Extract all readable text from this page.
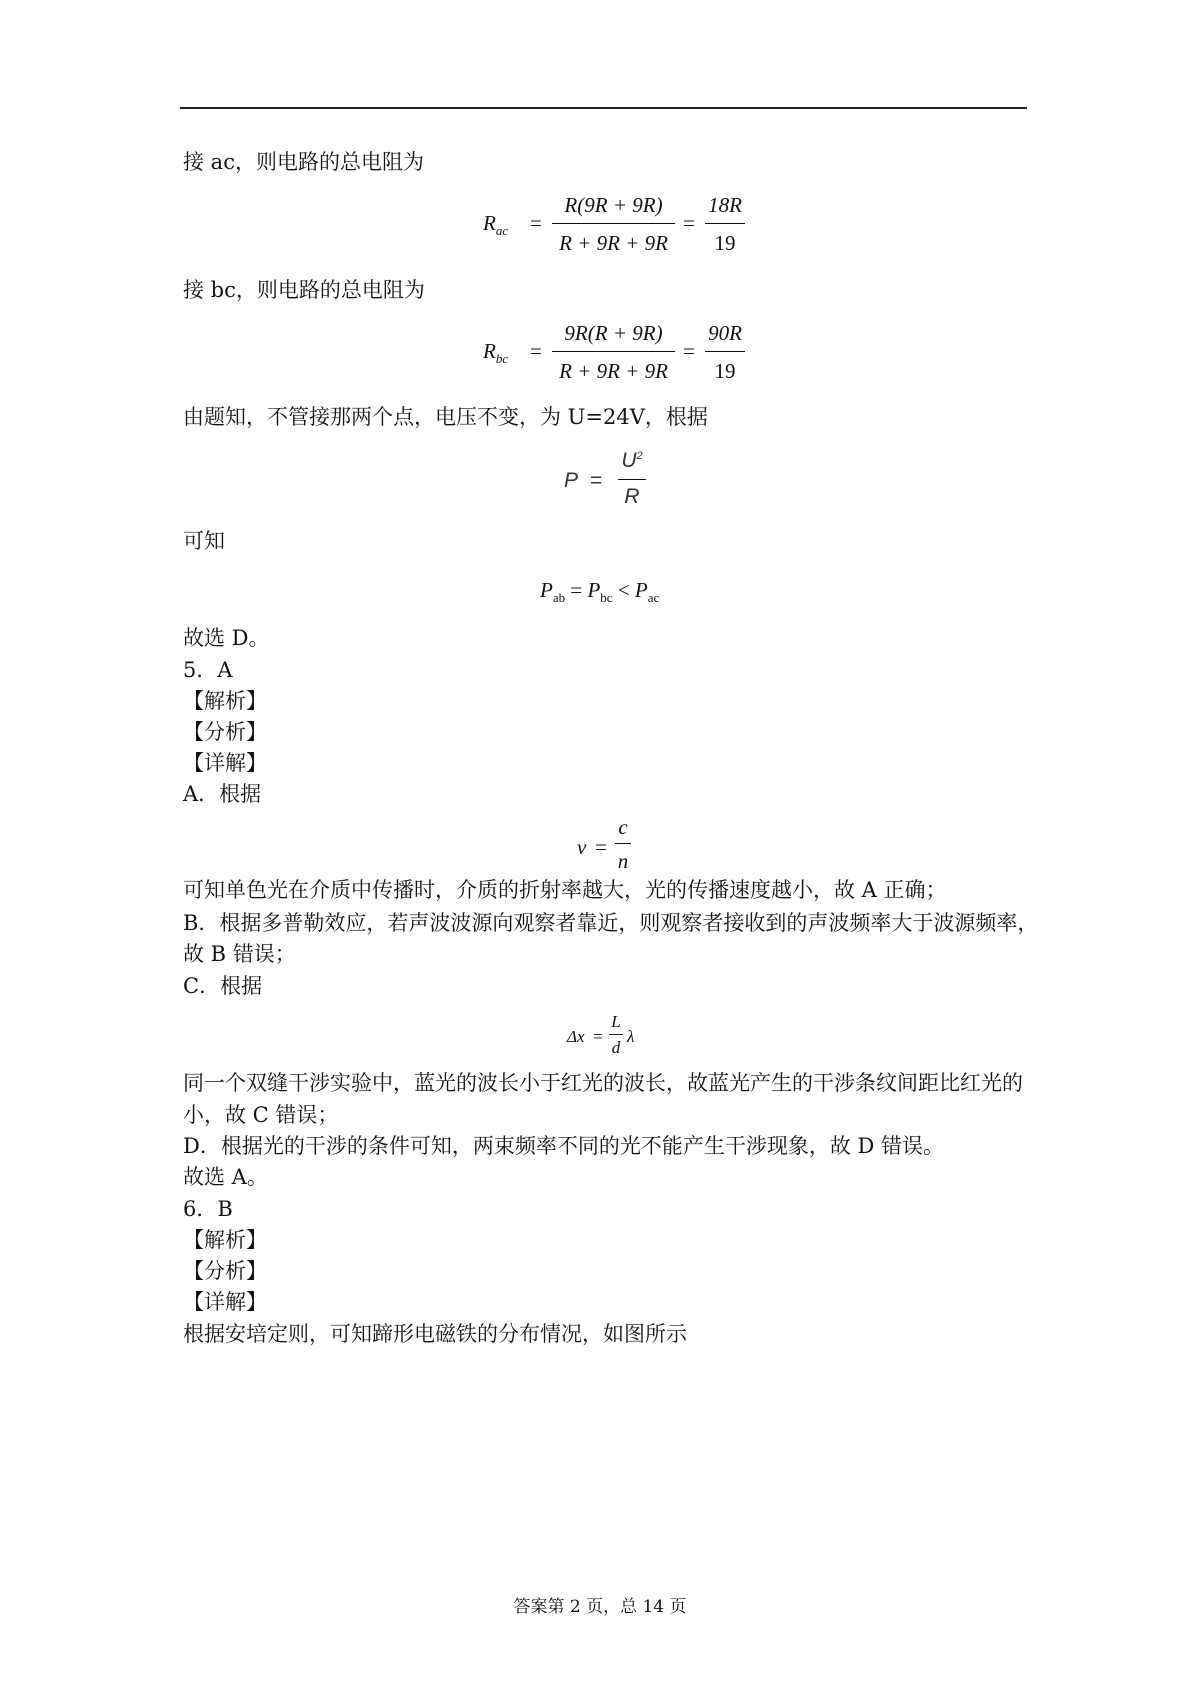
接 ac，则电路的总电阻为
$R_{ac}$ =
R(9R + 9R)
R + 9R + 9R
=
18R
19
接 bc，则电路的总电阻为
$R_{bc}$ =
9R(R + 9R)
R + 9R + 9R
=
90R
19
由题知，不管接那两个点，电压不变，为 U=24V，根据
P =
$U^2$
R
可知
$P_{ab} = P_{bc} < P_{ac}$
故选 D。
5．A
【解析】
【分析】
【详解】
A．根据
v =
c
n
可知单色光在介质中传播时，介质的折射率越大，光的传播速度越小，故 A 正确；
B．根据多普勒效应，若声波波源向观察者靠近，则观察者接收到的声波频率大于波源频率，
故 B 错误；
C．根据
Δx =
L
d
λ
同一个双缝干涉实验中，蓝光的波长小于红光的波长，故蓝光产生的干涉条纹间距比红光的
小，故 C 错误；
D．根据光的干涉的条件可知，两束频率不同的光不能产生干涉现象，故 D 错误。
故选 A。
6．B
【解析】
【分析】
【详解】
根据安培定则，可知蹄形电磁铁的分布情况，如图所示
答案第 2 页，总 14 页
